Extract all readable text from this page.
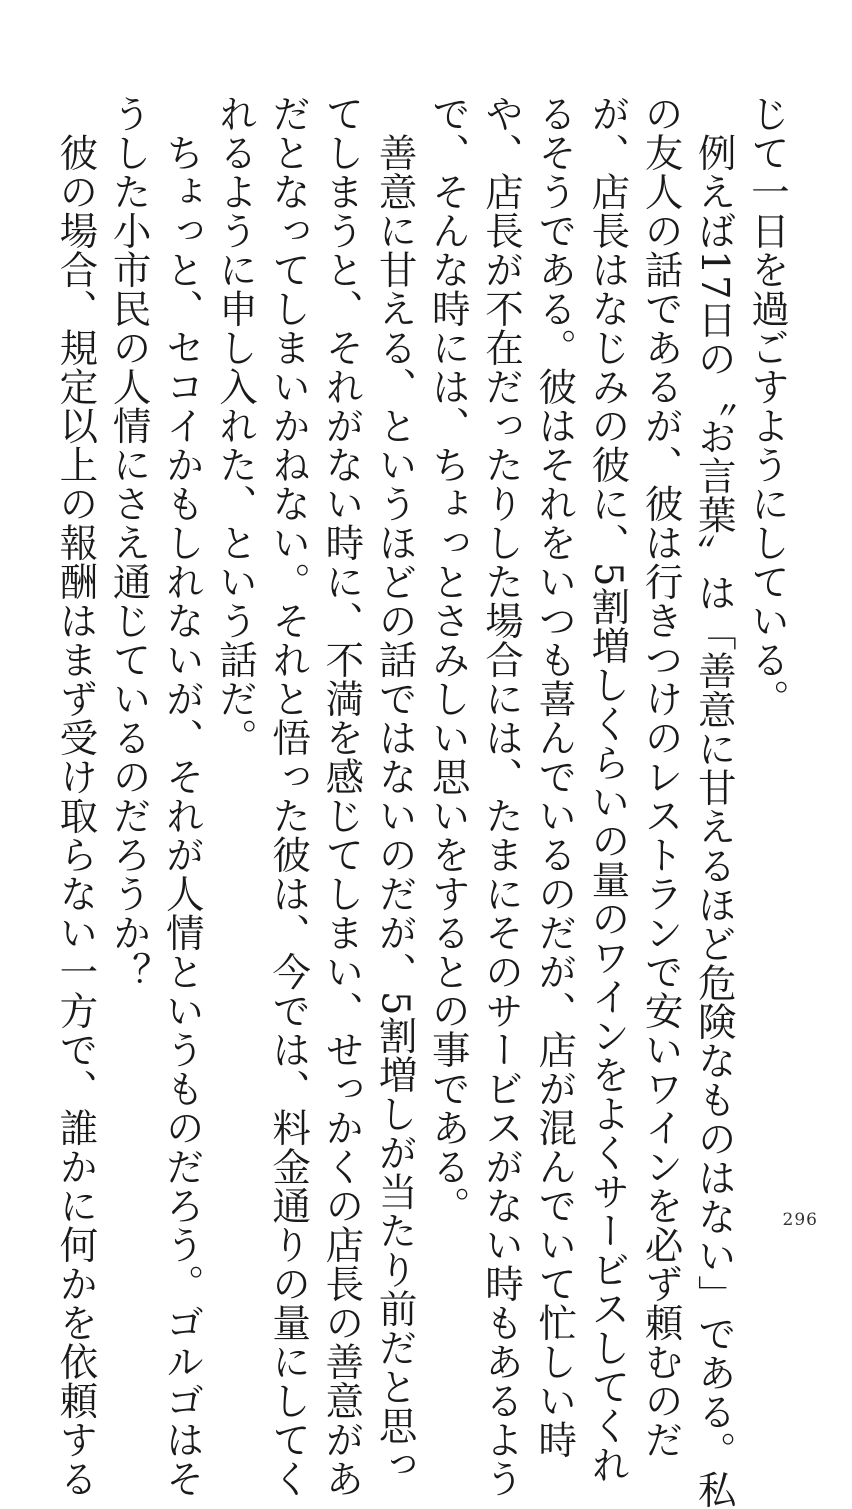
じて一日を過ごすようにしている。
　例えば17日の〝お言葉〟は「善意に甘えるほど危険なものはない」である。私
の友人の話であるが、彼は行きつけのレストランで安いワインを必ず頼むのだ
が、店長はなじみの彼に、5割増しくらいの量のワインをよくサービスしてくれ
るそうである。彼はそれをいつも喜んでいるのだが、店が混んでいて忙しい時
や、店長が不在だったりした場合には、たまにそのサービスがない時もあるよう
で、そんな時には、ちょっとさみしい思いをするとの事である。
　善意に甘える、というほどの話ではないのだが、5割増しが当たり前だと思っ
てしまうと、それがない時に、不満を感じてしまい、せっかくの店長の善意があ
だとなってしまいかねない。それと悟った彼は、今では、料金通りの量にしてく
れるように申し入れた、という話だ。
　ちょっと、セコイかもしれないが、それが人情というものだろう。ゴルゴはそ
うした小市民の人情にさえ通じているのだろうか？
　彼の場合、規定以上の報酬はまず受け取らない一方で、誰かに何かを依頼する	296
